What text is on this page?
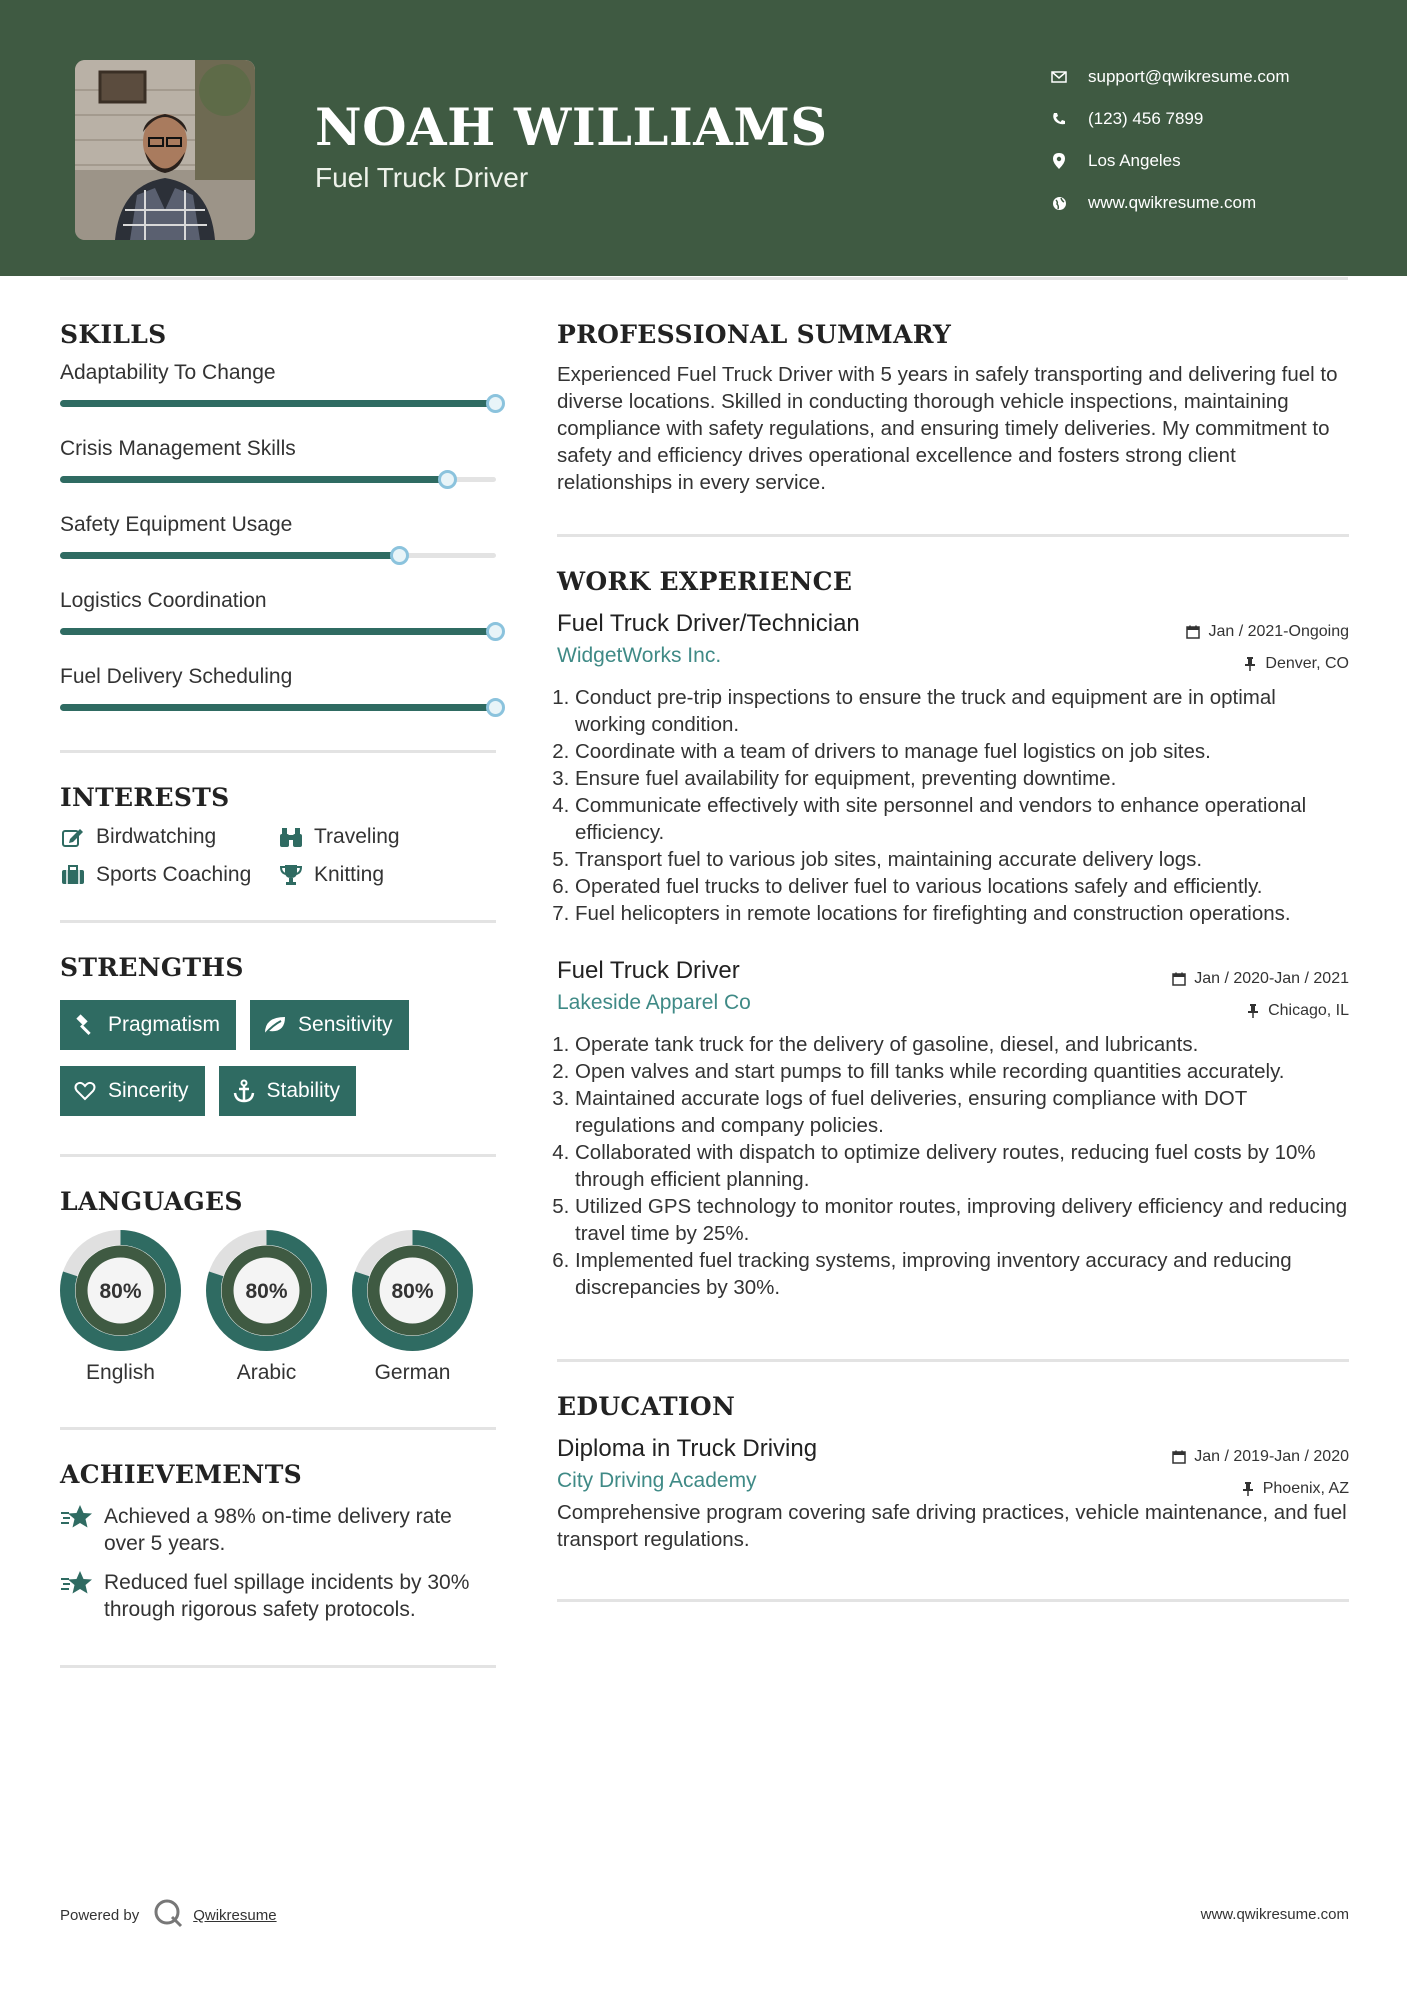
NOAH WILLIAMS
Fuel Truck Driver
support@qwikresume.com
(123) 456 7899
Los Angeles
www.qwikresume.com
SKILLS
Adaptability To Change
Crisis Management Skills
Safety Equipment Usage
Logistics Coordination
Fuel Delivery Scheduling
INTERESTS
Birdwatching	Traveling
Sports Coaching	Knitting
STRENGTHS
Pragmatism	Sensitivity
Sincerity	Stability
LANGUAGES
80%
English
80%
Arabic
80%
German
ACHIEVEMENTS
Achieved a 98% on-time delivery rate over 5 years.
Reduced fuel spillage incidents by 30% through rigorous safety protocols.
PROFESSIONAL SUMMARY
Experienced Fuel Truck Driver with 5 years in safely transporting and delivering fuel to diverse locations. Skilled in conducting thorough vehicle inspections, maintaining compliance with safety regulations, and ensuring timely deliveries. My commitment to safety and efficiency drives operational excellence and fosters strong client relationships in every service.
WORK EXPERIENCE
Fuel Truck Driver/Technician
WidgetWorks Inc.
Jan / 2021-Ongoing
Denver, CO
1. Conduct pre-trip inspections to ensure the truck and equipment are in optimal working condition.
2. Coordinate with a team of drivers to manage fuel logistics on job sites.
3. Ensure fuel availability for equipment, preventing downtime.
4. Communicate effectively with site personnel and vendors to enhance operational efficiency.
5. Transport fuel to various job sites, maintaining accurate delivery logs.
6. Operated fuel trucks to deliver fuel to various locations safely and efficiently.
7. Fuel helicopters in remote locations for firefighting and construction operations.
Fuel Truck Driver
Lakeside Apparel Co
Jan / 2020-Jan / 2021
Chicago, IL
1. Operate tank truck for the delivery of gasoline, diesel, and lubricants.
2. Open valves and start pumps to fill tanks while recording quantities accurately.
3. Maintained accurate logs of fuel deliveries, ensuring compliance with DOT regulations and company policies.
4. Collaborated with dispatch to optimize delivery routes, reducing fuel costs by 10% through efficient planning.
5. Utilized GPS technology to monitor routes, improving delivery efficiency and reducing travel time by 25%.
6. Implemented fuel tracking systems, improving inventory accuracy and reducing discrepancies by 30%.
EDUCATION
Diploma in Truck Driving
City Driving Academy
Jan / 2019-Jan / 2020
Phoenix, AZ
Comprehensive program covering safe driving practices, vehicle maintenance, and fuel transport regulations.
Powered by	Qwikresume	www.qwikresume.com
